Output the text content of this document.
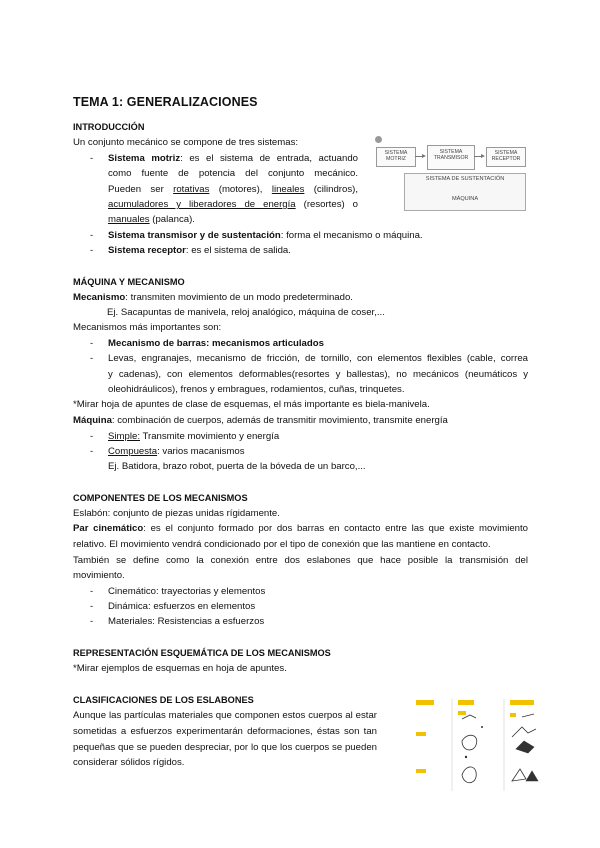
TEMA 1: GENERALIZACIONES
INTRODUCCIÓN
Un conjunto mecánico se compone de tres sistemas:
- Sistema motriz: es el sistema de entrada, actuando
como fuente de potencia del conjunto mecánico.
Pueden ser rotativas (motores), lineales (cilindros),
acumuladores y liberadores de energía (resortes) o
manuales (palanca).
- Sistema transmisor y de sustentación: forma el mecanismo o máquina.
- Sistema receptor: es el sistema de salida.
SISTEMA MOTRIZ
SISTEMA TRANSMISOR
SISTEMA RECEPTOR
SISTEMA DE SUSTENTACIÓN
MÁQUINA
MÁQUINA Y MECANISMO
Mecanismo: transmiten movimiento de un modo predeterminado.
Ej. Sacapuntas de manivela, reloj analógico, máquina de coser,...
Mecanismos más importantes son:
- Mecanismo de barras: mecanismos articulados
- Levas, engranajes, mecanismo de fricción, de tornillo, con elementos flexibles (cable, correa
y cadenas), con elementos deformables(resortes y ballestas), no mecánicos (neumáticos y
oleohidráulicos), frenos y embragues, rodamientos, cuñas, trinquetes.
*Mirar hoja de apuntes de clase de esquemas, el más importante es biela-manivela.
Máquina: combinación de cuerpos, además de transmitir movimiento, transmite energía
- Simple: Transmite movimiento y energía
- Compuesta: varios macanismos
Ej. Batidora, brazo robot, puerta de la bóveda de un barco,...
COMPONENTES DE LOS MECANISMOS
Eslabón: conjunto de piezas unidas rígidamente.
Par cinemático: es el conjunto formado por dos barras en contacto entre las que existe movimiento
relativo. El movimiento vendrá condicionado por el tipo de conexión que las mantiene en contacto.
También se define como la conexión entre dos eslabones que hace posible la transmisión del
movimiento.
- Cinemático: trayectorias y elementos
- Dinámica: esfuerzos en elementos
- Materiales: Resistencias a esfuerzos
REPRESENTACIÓN ESQUEMÁTICA DE LOS MECANISMOS
*Mirar ejemplos de esquemas en hoja de apuntes.
CLASIFICACIONES DE LOS ESLABONES
Aunque las partículas materiales que componen estos cuerpos al estar
sometidas a esfuerzos experimentarán deformaciones, éstas son tan
pequeñas que se pueden despreciar, por lo que los cuerpos se pueden
considerar sólidos rígidos.
